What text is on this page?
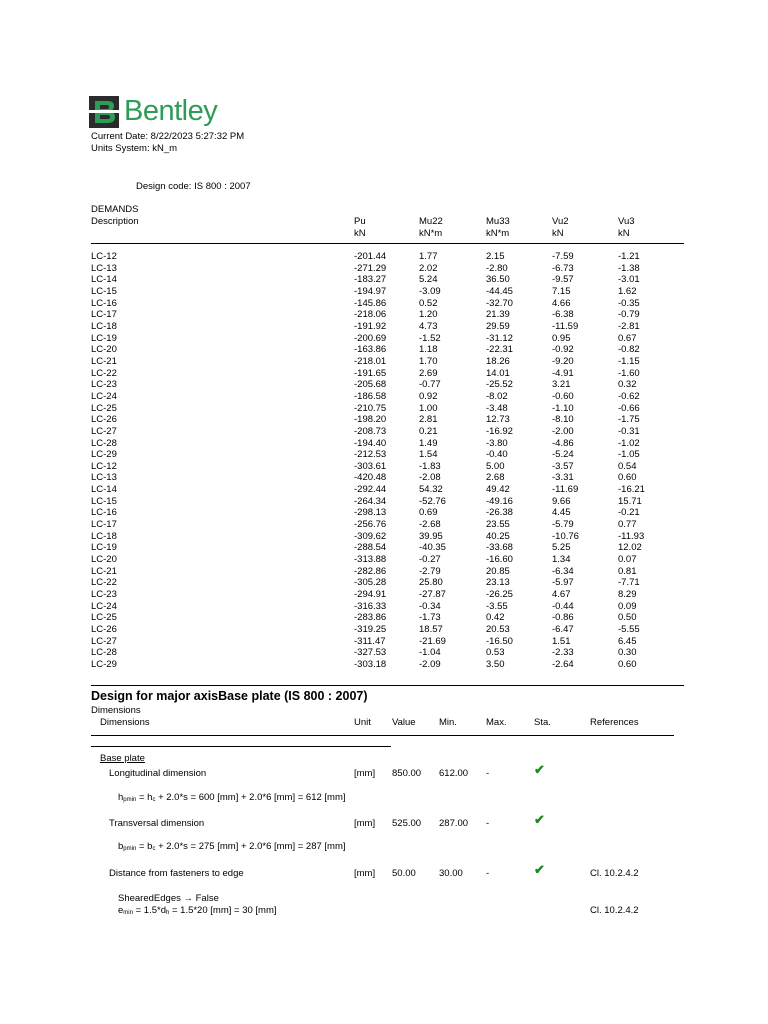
Bentley
Current Date: 8/22/2023 5:27:32 PM
Units System: kN_m
Design code: IS 800 : 2007
DEMANDS
Description	Pu	Mu22	Mu33	Vu2	Vu3
kN	kN*m	kN*m	kN	kN
LC-12	-201.44	1.77	2.15	-7.59	-1.21
LC-13	-271.29	2.02	-2.80	-6.73	-1.38
LC-14	-183.27	5.24	36.50	-9.57	-3.01
LC-15	-194.97	-3.09	-44.45	7.15	1.62
LC-16	-145.86	0.52	-32.70	4.66	-0.35
LC-17	-218.06	1.20	21.39	-6.38	-0.79
LC-18	-191.92	4.73	29.59	-11.59	-2.81
LC-19	-200.69	-1.52	-31.12	0.95	0.67
LC-20	-163.86	1.18	-22.31	-0.92	-0.82
LC-21	-218.01	1.70	18.26	-9.20	-1.15
LC-22	-191.65	2.69	14.01	-4.91	-1.60
LC-23	-205.68	-0.77	-25.52	3.21	0.32
LC-24	-186.58	0.92	-8.02	-0.60	-0.62
LC-25	-210.75	1.00	-3.48	-1.10	-0.66
LC-26	-198.20	2.81	12.73	-8.10	-1.75
LC-27	-208.73	0.21	-16.92	-2.00	-0.31
LC-28	-194.40	1.49	-3.80	-4.86	-1.02
LC-29	-212.53	1.54	-0.40	-5.24	-1.05
LC-12	-303.61	-1.83	5.00	-3.57	0.54
LC-13	-420.48	-2.08	2.68	-3.31	0.60
LC-14	-292.44	54.32	49.42	-11.69	-16.21
LC-15	-264.34	-52.76	-49.16	9.66	15.71
LC-16	-298.13	0.69	-26.38	4.45	-0.21
LC-17	-256.76	-2.68	23.55	-5.79	0.77
LC-18	-309.62	39.95	40.25	-10.76	-11.93
LC-19	-288.54	-40.35	-33.68	5.25	12.02
LC-20	-313.88	-0.27	-16.60	1.34	0.07
LC-21	-282.86	-2.79	20.85	-6.34	0.81
LC-22	-305.28	25.80	23.13	-5.97	-7.71
LC-23	-294.91	-27.87	-26.25	4.67	8.29
LC-24	-316.33	-0.34	-3.55	-0.44	0.09
LC-25	-283.86	-1.73	0.42	-0.86	0.50
LC-26	-319.25	18.57	20.53	-6.47	-5.55
LC-27	-311.47	-21.69	-16.50	1.51	6.45
LC-28	-327.53	-1.04	0.53	-2.33	0.30
LC-29	-303.18	-2.09	3.50	-2.64	0.60
Design for major axisBase plate (IS 800 : 2007)
Dimensions
Dimensions	Unit Value Min.	Max.	Sta.	References
Base plate
Longitudinal dimension	[mm] 850.00 612.00 -	✔
$h_{pmin} = h_c + 2.0*s = 600$ [mm] + 2.0*6 [mm] = 612 [mm]
Transversal dimension	[mm] 525.00 287.00 -	✔
$b_{pmin} = b_c + 2.0*s = 275$ [mm] + 2.0*6 [mm] = 287 [mm]
Distance from fasteners to edge	[mm] 50.00 30.00 -	✔	Cl. 10.2.4.2
ShearedEdges → False
$e_{min} = 1.5*d_h = 1.5*20$ [mm] = 30 [mm]	Cl. 10.2.4.2
